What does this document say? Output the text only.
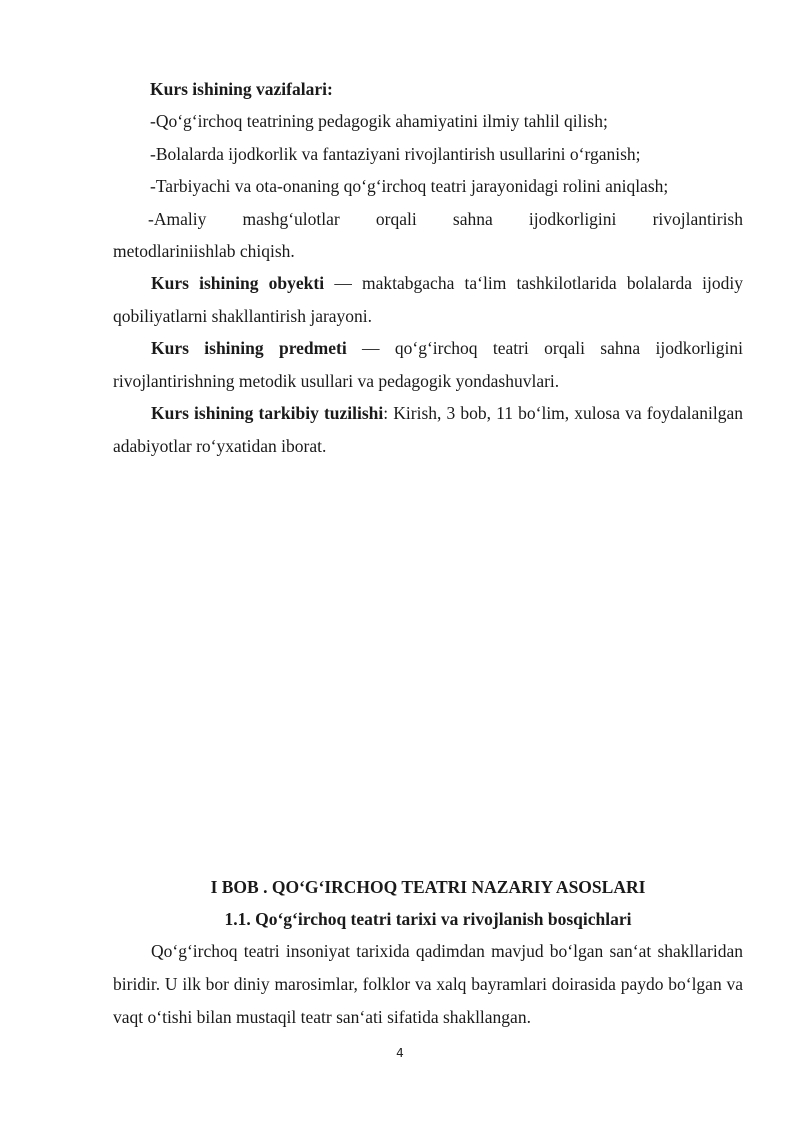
Kurs ishining vazifalari:
-Qo‘g‘irchoq teatrining pedagogik ahamiyatini ilmiy tahlil qilish;
-Bolalarda ijodkorlik va fantaziyani rivojlantirish usullarini o‘rganish;
-Tarbiyachi va ota-onaning qo‘g‘irchoq teatri jarayonidagi rolini aniqlash;
-Amaliy mashg‘ulotlar orqali sahna ijodkorligini rivojlantirish
metodlariniishlab chiqish.
Kurs ishining obyekti — maktabgacha ta‘lim tashkilotlarida bolalarda ijodiy qobiliyatlarni shakllantirish jarayoni.
Kurs ishining predmeti — qo‘g‘irchoq teatri orqali sahna ijodkorligini rivojlantirishning metodik usullari va pedagogik yondashuvlari.
Kurs ishining tarkibiy tuzilishi: Kirish, 3 bob, 11 bo‘lim, xulosa va foydalanilgan adabiyotlar ro‘yxatidan iborat.
I BOB . QO‘G‘IRCHOQ TEATRI NAZARIY ASOSLARI
1.1. Qo‘g‘irchoq teatri tarixi va rivojlanish bosqichlari
Qo‘g‘irchoq teatri insoniyat tarixida qadimdan mavjud bo‘lgan san‘at shakllaridan biridir. U ilk bor diniy marosimlar, folklor va xalq bayramlari doirasida paydo bo‘lgan va vaqt o‘tishi bilan mustaqil teatr san‘ati sifatida shakllangan.
4
